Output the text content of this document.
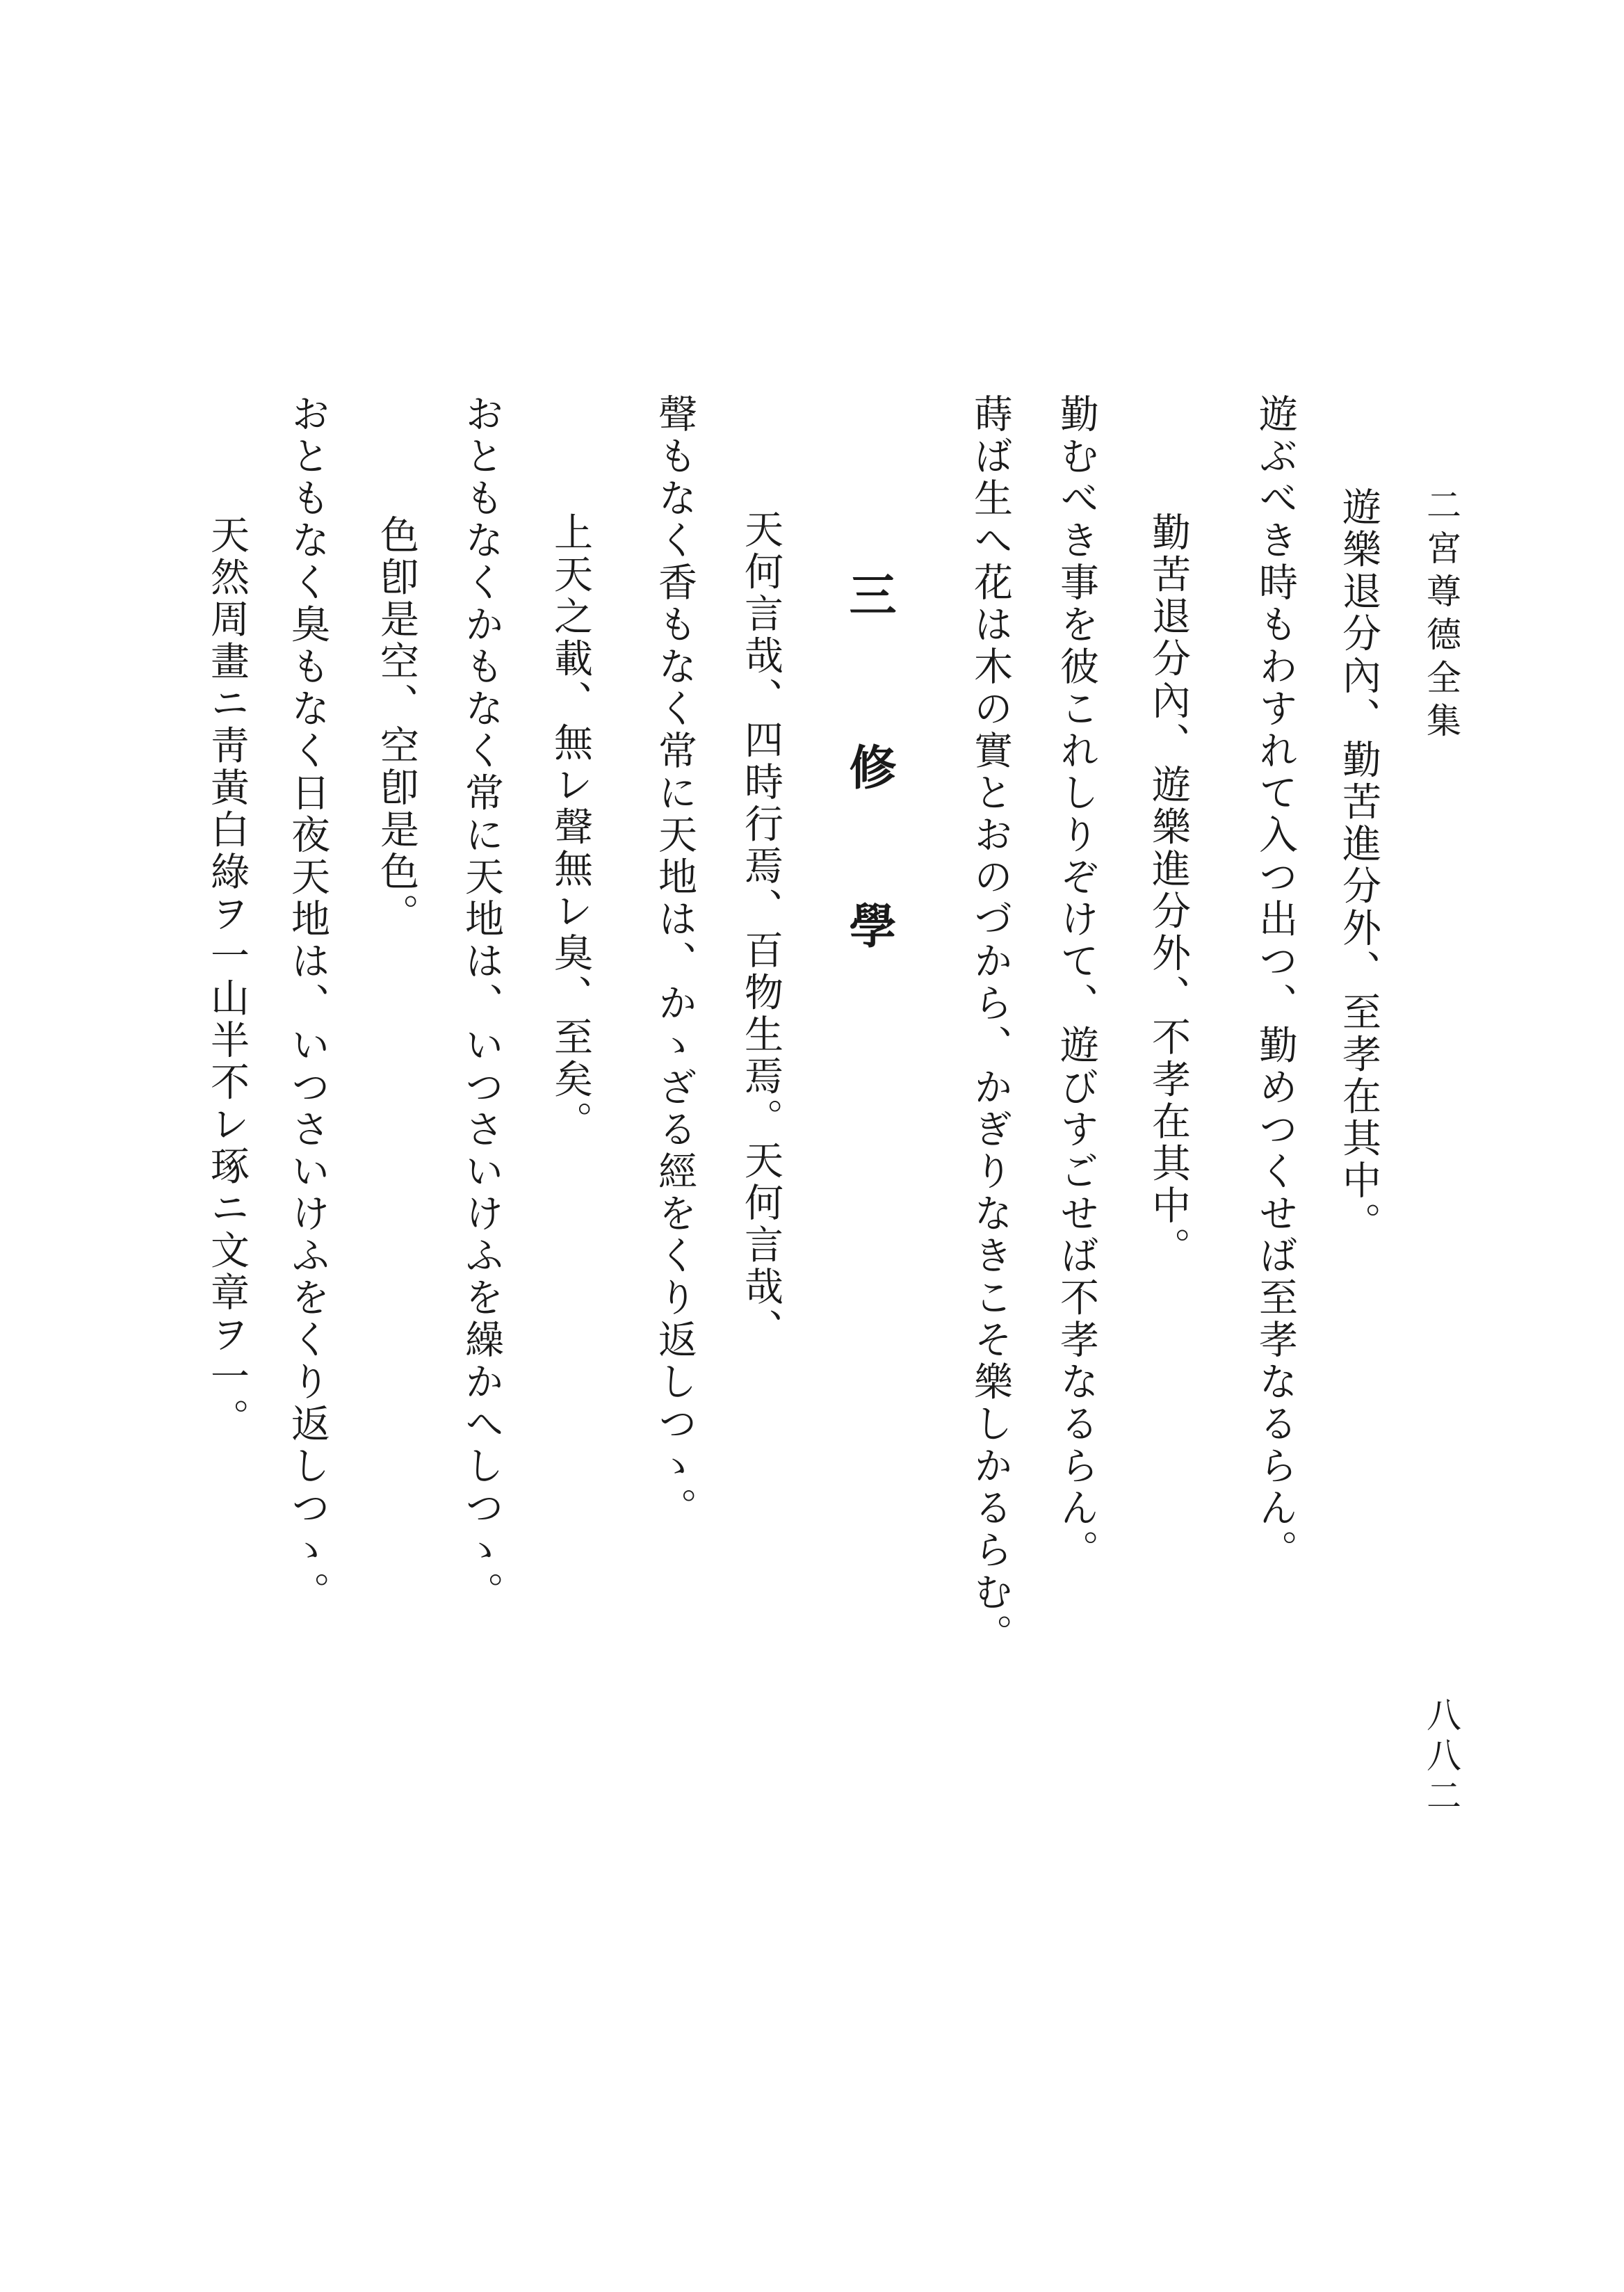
二宮尊德全集
八八二
遊樂退分內、勤苦進分外、至孝在其中。
遊ぶべき時もわすれて入つ出つ、勤めつくせば至孝なるらん。
勤苦退分內、遊樂進分外、不孝在其中。
勤むべき事を彼これしりぞけて、遊びすごせば不孝なるらん。
蒔ば生へ花は木の實とおのづから、かぎりなきこそ樂しかるらむ。
三修學
天何言哉、四時行焉、百物生焉。天何言哉、
聲もなく香もなく常に天地は、かゝざる經をくり返しつゝ。
上天之載、無レ聲無レ臭、至矣。
おともなくかもなく常に天地は、いつさいけふを繰かへしつゝ。
色卽是空、空卽是色。
おともなく臭もなく日夜天地は、いつさいけふをくり返しつゝ。
天然周畫ニ靑黃白綠ヲ一山半不レ琢ニ文章ヲ一。
